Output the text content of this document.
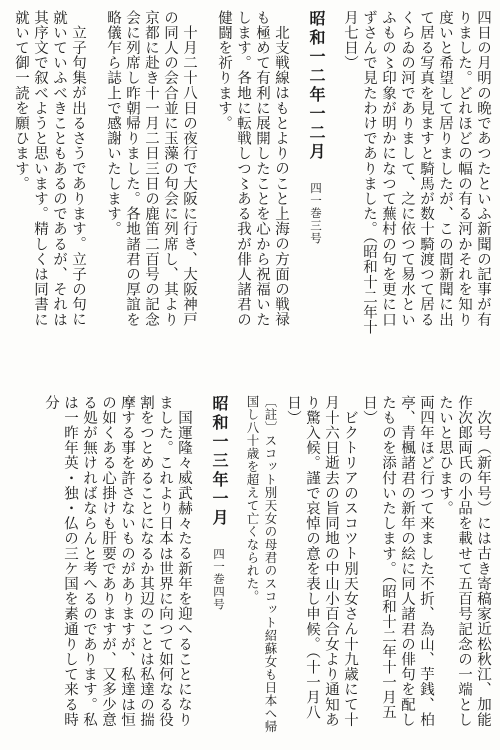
四日の月明の晩であつたといふ新聞の記事が有りました。どれほどの幅の有る河かそれを知り度いと希望して居りましたが、この間新聞に出て居る写真を見ますと騎馬が数十騎渡つて居るくらゐの河でありまして、之に依つて易水といふもの〻印象が明かになつて蕪村の句を更に口ずさんで見たわけでありました。（昭和十二年十月七日）

昭和一二年一二月四一巻三号

北支戦線はもとよりのこと上海の方面の戦禄も極めて有利に展開したことを心から祝福いたします。各地に転戦しつ〻ある我が俳人諸君の健闘を祈ります。

十月二十八日の夜行で大阪に行き、大阪神戸の同人の会合並に玉藻の句会に列席し、其より京都に赴き十一月二日三日の鹿笛二百号の記念会に列席し昨朝帰りました。各地諸君の厚誼を略儀乍ら誌上で感謝いたします。

立子句集が出るさうであります。立子の句に就いていふべきこともあるのであるが、それは其序文で叙べようと思います。精しくは同書に就いて御一読を願ひます。

次号（新年号）には古き寄稿家近松秋江、加能作次郎両氏の小品を載せて五百号記念の一端としたいと思ひます。

両四年ほど行つて来ました不折、為山、芋銭、柏亭、青楓諸君の新年の絵に同人諸君の俳句を配したものを添付いたします。（昭和十二年十一月五日）

ビクトリアのスコツト別天女さん十九歳にて十月十六日逝去の旨同地の中山小百合女より通知あり驚入候。謹で哀悼の意を表し申候。（十一月八日）

〔註〕スコット別天女の母君のスコット紹蘇女も日本へ帰国し八十歳を超えて亡くなられた。

昭和一三年一月四一巻四号

国運隆々威武赫々たる新年を迎へることになりました。これより日本は世界に向つて如何なる役割をつとめることになるか其辺のことは私達の揣摩する事を許さないものがありますが、私達は恒の如くある心掛けも肝要でありますが、又多少意る処が無ければならんと考へるのであります。私は一昨年英・独・仏の三ケ国を素通りして来る時分
